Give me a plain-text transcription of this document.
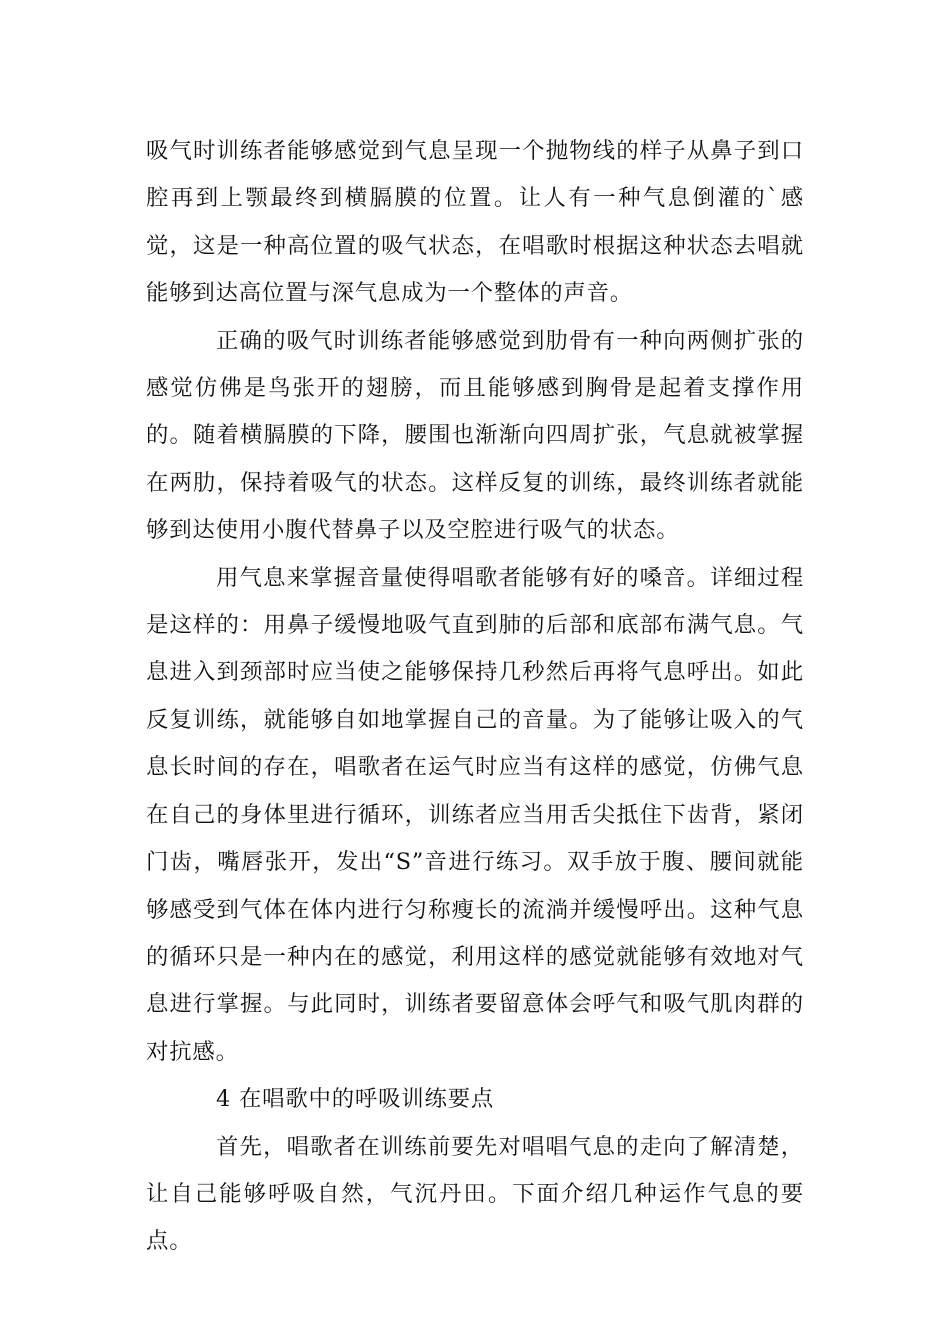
吸气时训练者能够感觉到气息呈现一个抛物线的样子从鼻子到口腔再到上颚最终到横膈膜的位置。让人有一种气息倒灌的`感觉，这是一种高位置的吸气状态，在唱歌时根据这种状态去唱就能够到达高位置与深气息成为一个整体的声音。

正确的吸气时训练者能够感觉到肋骨有一种向两侧扩张的感觉仿佛是鸟张开的翅膀，而且能够感到胸骨是起着支撑作用的。随着横膈膜的下降，腰围也渐渐向四周扩张，气息就被掌握在两肋，保持着吸气的状态。这样反复的训练，最终训练者就能够到达使用小腹代替鼻子以及空腔进行吸气的状态。

用气息来掌握音量使得唱歌者能够有好的嗓音。详细过程是这样的：用鼻子缓慢地吸气直到肺的后部和底部布满气息。气息进入到颈部时应当使之能够保持几秒然后再将气息呼出。如此反复训练，就能够自如地掌握自己的音量。为了能够让吸入的气息长时间的存在，唱歌者在运气时应当有这样的感觉，仿佛气息在自己的身体里进行循环，训练者应当用舌尖抵住下齿背，紧闭门齿，嘴唇张开，发出“S”音进行练习。双手放于腹、腰间就能够感受到气体在体内进行匀称瘦长的流淌并缓慢呼出。这种气息的循环只是一种内在的感觉，利用这样的感觉就能够有效地对气息进行掌握。与此同时，训练者要留意体会呼气和吸气肌肉群的对抗感。

4 在唱歌中的呼吸训练要点

首先，唱歌者在训练前要先对唱唱气息的走向了解清楚，让自己能够呼吸自然，气沉丹田。下面介绍几种运作气息的要点。
